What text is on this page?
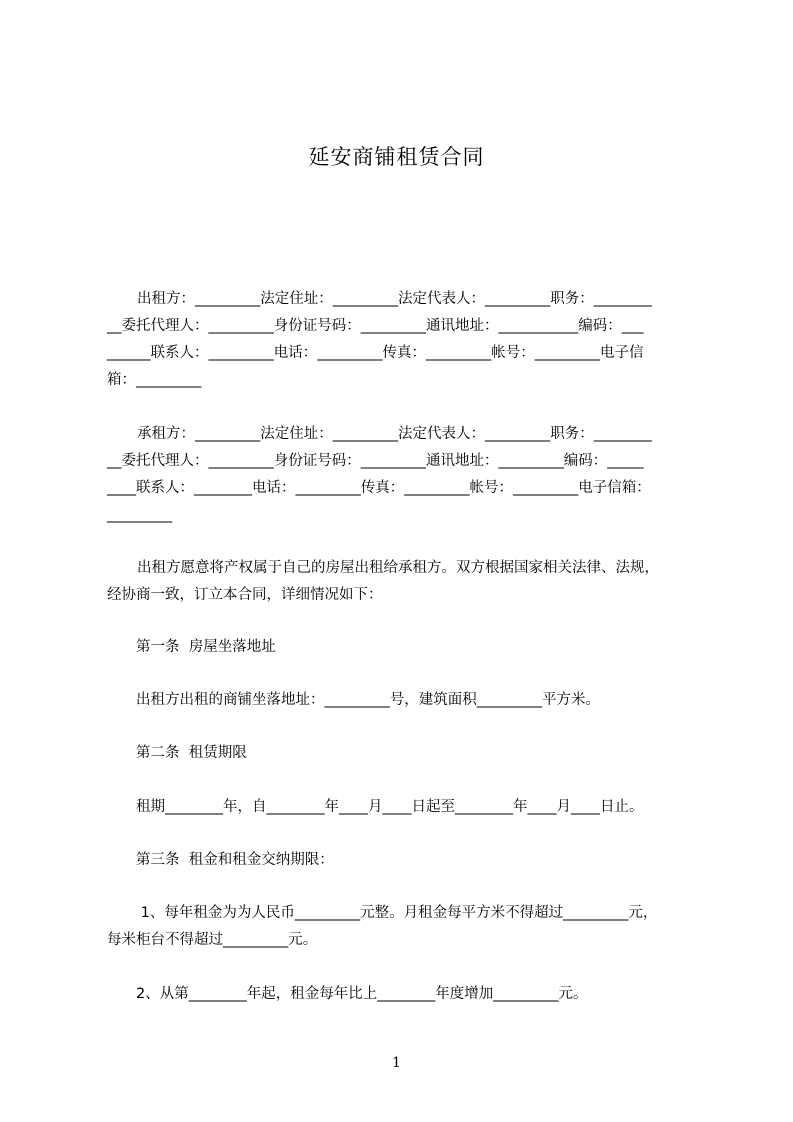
延安商铺租赁合同
出租方：_________法定住址：_________法定代表人：_________职务：________
__委托代理人：_________身份证号码：_________通讯地址：___________编码：___
______联系人：_________电话：_________传真：_________帐号：_________电子信
箱：_________
承租方：_________法定住址：_________法定代表人：_________职务：________
__委托代理人：_________身份证号码：_________通讯地址：_________编码：_____
____联系人：________电话：_________传真：_________帐号：_________电子信箱：
_________
出租方愿意将产权属于自己的房屋出租给承租方。双方根据国家相关法律、法规，
经协商一致，订立本合同，详细情况如下：
第一条  房屋坐落地址
出租方出租的商铺坐落地址：_________号，建筑面积_________平方米。
第二条  租赁期限
租期________年，自________年____月____日起至________年____月____日止。
第三条  租金和租金交纳期限：
1、每年租金为为人民币_________元整。月租金每平方米不得超过_________元，
每米柜台不得超过_________元。
2、从第________年起，租金每年比上________年度增加_________元。
1
